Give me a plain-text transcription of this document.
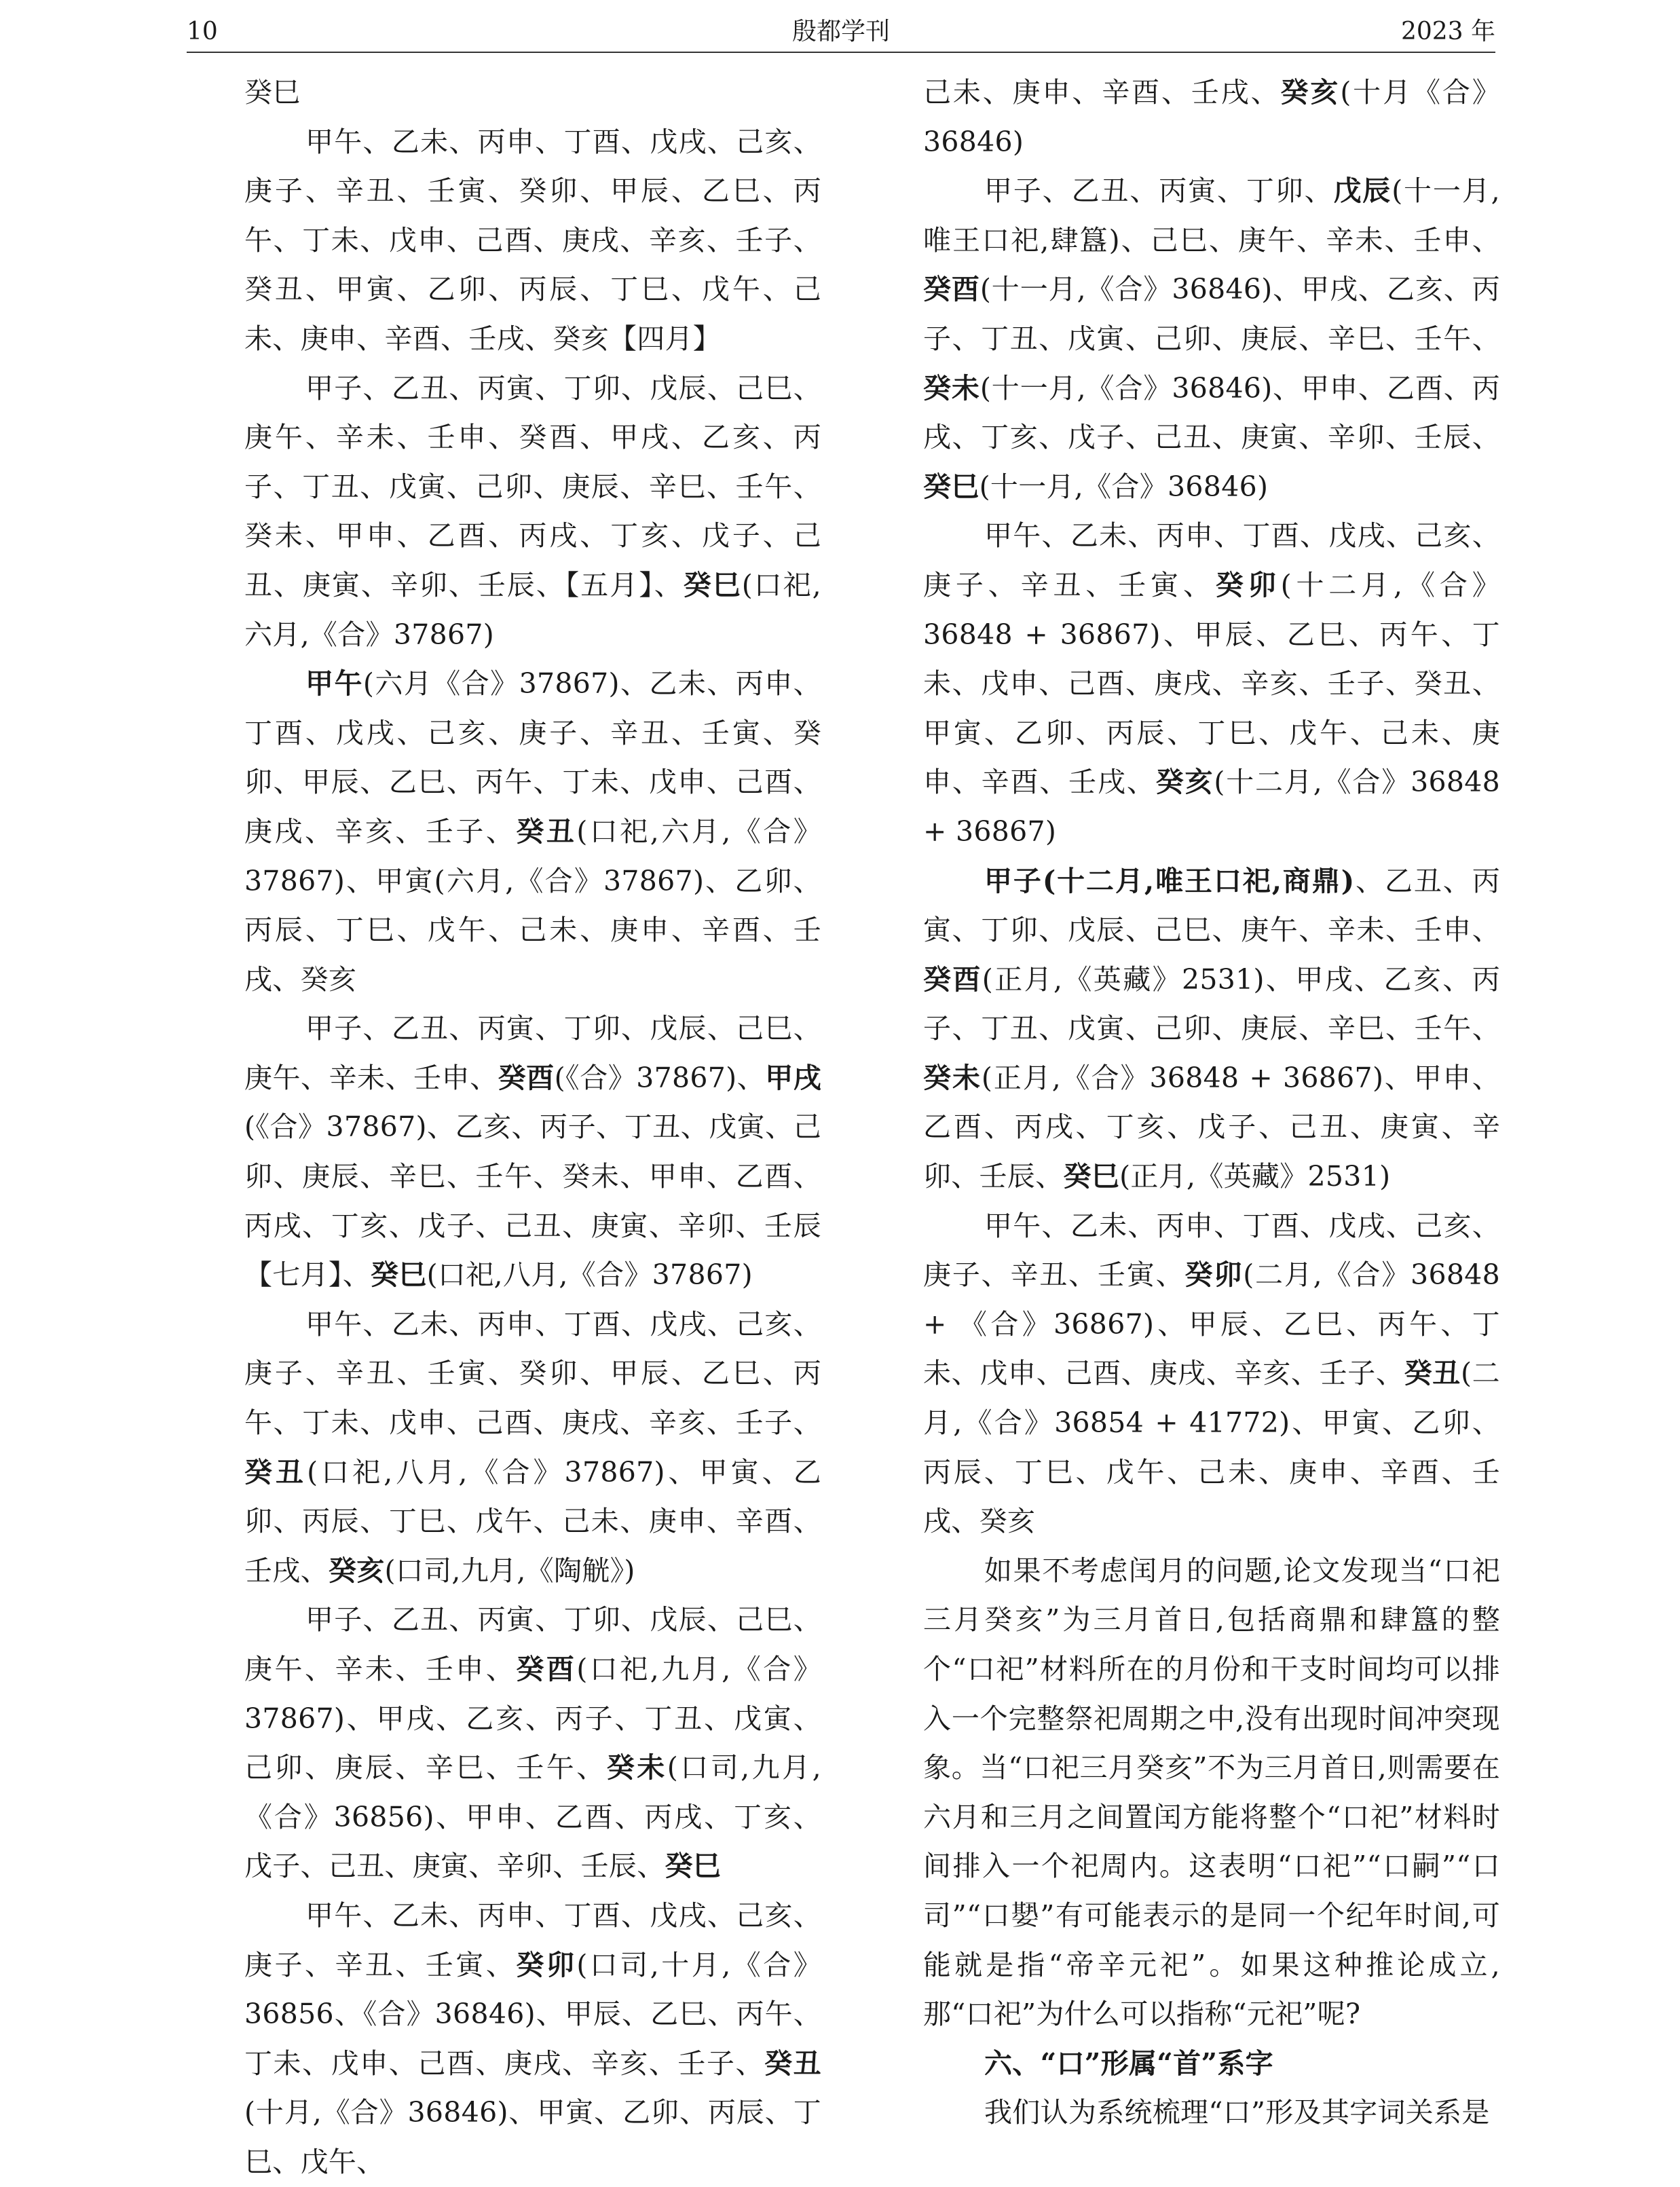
10	殷都学刊	2023 年

癸巳

甲午、乙未、丙申、丁酉、戊戌、己亥、庚子、辛丑、壬寅、癸卯、甲辰、乙巳、丙午、丁未、戊申、己酉、庚戌、辛亥、壬子、癸丑、甲寅、乙卯、丙辰、丁巳、戊午、己未、庚申、辛酉、壬戌、癸亥【四月】

甲子、乙丑、丙寅、丁卯、戊辰、己巳、庚午、辛未、壬申、癸酉、甲戌、乙亥、丙子、丁丑、戊寅、己卯、庚辰、辛巳、壬午、癸未、甲申、乙酉、丙戌、丁亥、戊子、己丑、庚寅、辛卯、壬辰、【五月】、癸巳(口祀,六月,《合》37867)

甲午(六月《合》37867)、乙未、丙申、丁酉、戊戌、己亥、庚子、辛丑、壬寅、癸卯、甲辰、乙巳、丙午、丁未、戊申、己酉、庚戌、辛亥、壬子、癸丑(口祀,六月,《合》37867)、甲寅(六月,《合》37867)、乙卯、丙辰、丁巳、戊午、己未、庚申、辛酉、壬戌、癸亥

甲子、乙丑、丙寅、丁卯、戊辰、己巳、庚午、辛未、壬申、癸酉(《合》37867)、甲戌(《合》37867)、乙亥、丙子、丁丑、戊寅、己卯、庚辰、辛巳、壬午、癸未、甲申、乙酉、丙戌、丁亥、戊子、己丑、庚寅、辛卯、壬辰【七月】、癸巳(口祀,八月,《合》37867)

甲午、乙未、丙申、丁酉、戊戌、己亥、庚子、辛丑、壬寅、癸卯、甲辰、乙巳、丙午、丁未、戊申、己酉、庚戌、辛亥、壬子、癸丑(口祀,八月,《合》37867)、甲寅、乙卯、丙辰、丁巳、戊午、己未、庚申、辛酉、壬戌、癸亥(口司,九月,《陶觥》)

甲子、乙丑、丙寅、丁卯、戊辰、己巳、庚午、辛未、壬申、癸酉(口祀,九月,《合》37867)、甲戌、乙亥、丙子、丁丑、戊寅、己卯、庚辰、辛巳、壬午、癸未(口司,九月,《合》36856)、甲申、乙酉、丙戌、丁亥、戊子、己丑、庚寅、辛卯、壬辰、癸巳

甲午、乙未、丙申、丁酉、戊戌、己亥、庚子、辛丑、壬寅、癸卯(口司,十月,《合》36856、《合》36846)、甲辰、乙巳、丙午、丁未、戊申、己酉、庚戌、辛亥、壬子、癸丑(十月,《合》36846)、甲寅、乙卯、丙辰、丁巳、戊午、

己未、庚申、辛酉、壬戌、癸亥(十月《合》36846)

甲子、乙丑、丙寅、丁卯、戊辰(十一月,唯王口祀,肆簋)、己巳、庚午、辛未、壬申、癸酉(十一月,《合》36846)、甲戌、乙亥、丙子、丁丑、戊寅、己卯、庚辰、辛巳、壬午、癸未(十一月,《合》36846)、甲申、乙酉、丙戌、丁亥、戊子、己丑、庚寅、辛卯、壬辰、癸巳(十一月,《合》36846)

甲午、乙未、丙申、丁酉、戊戌、己亥、庚子、辛丑、壬寅、癸卯(十二月,《合》36848 + 36867)、甲辰、乙巳、丙午、丁未、戊申、己酉、庚戌、辛亥、壬子、癸丑、甲寅、乙卯、丙辰、丁巳、戊午、己未、庚申、辛酉、壬戌、癸亥(十二月,《合》36848 + 36867)

甲子(十二月,唯王口祀,商鼎)、乙丑、丙寅、丁卯、戊辰、己巳、庚午、辛未、壬申、癸酉(正月,《英藏》2531)、甲戌、乙亥、丙子、丁丑、戊寅、己卯、庚辰、辛巳、壬午、癸未(正月,《合》36848 + 36867)、甲申、乙酉、丙戌、丁亥、戊子、己丑、庚寅、辛卯、壬辰、癸巳(正月,《英藏》2531)

甲午、乙未、丙申、丁酉、戊戌、己亥、庚子、辛丑、壬寅、癸卯(二月,《合》36848 + 《合》36867)、甲辰、乙巳、丙午、丁未、戊申、己酉、庚戌、辛亥、壬子、癸丑(二月,《合》36854 + 41772)、甲寅、乙卯、丙辰、丁巳、戊午、己未、庚申、辛酉、壬戌、癸亥

如果不考虑闰月的问题,论文发现当“口祀三月癸亥”为三月首日,包括商鼎和肆簋的整个“口祀”材料所在的月份和干支时间均可以排入一个完整祭祀周期之中,没有出现时间冲突现象。当“口祀三月癸亥”不为三月首日,则需要在六月和三月之间置闰方能将整个“口祀”材料时间排入一个祀周内。这表明“口祀”“口嗣”“口司”“口𡢁”有可能表示的是同一个纪年时间,可能就是指“帝辛元祀”。如果这种推论成立,那“口祀”为什么可以指称“元祀”呢?

六、“口”形属“首”系字

我们认为系统梳理“口”形及其字词关系是
